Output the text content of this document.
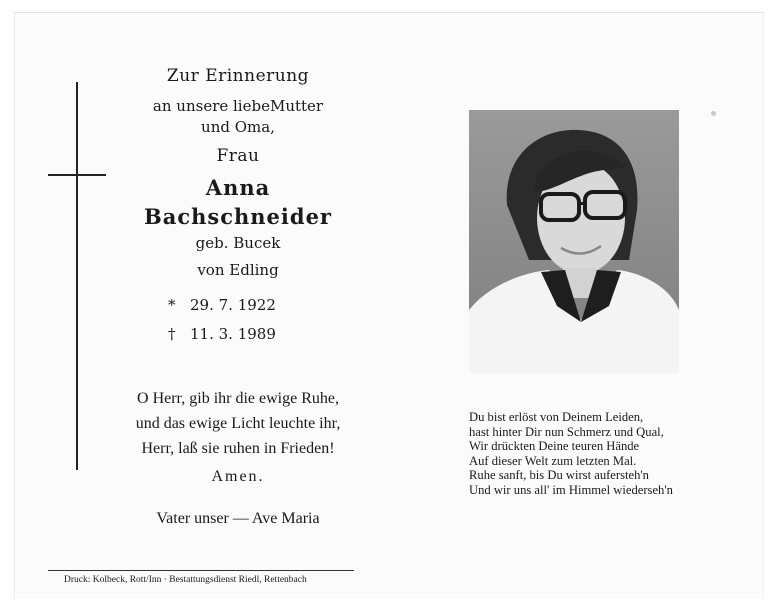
Zur Erinnerung
an unsere liebeMutter
und Oma,
Frau
Anna
Bachschneider
geb. Bucek
von Edling
O Herr, gib ihr die ewige Ruhe,
und das ewige Licht leuchte ihr,
Herr, laß sie ruhen in Frieden!
Amen.
Vater unser — Ave Maria
* 29. 7. 1922
† 11. 3. 1989
Du bist erlöst von Deinem Leiden,
hast hinter Dir nun Schmerz und Qual,
Wir drückten Deine teuren Hände
Auf dieser Welt zum letzten Mal.
Ruhe sanft, bis Du wirst aufersteh'n
Und wir uns all' im Himmel wiederseh'n
Druck: Kolbeck, Rott/Inn · Bestattungsdienst Riedl, Rettenbach
